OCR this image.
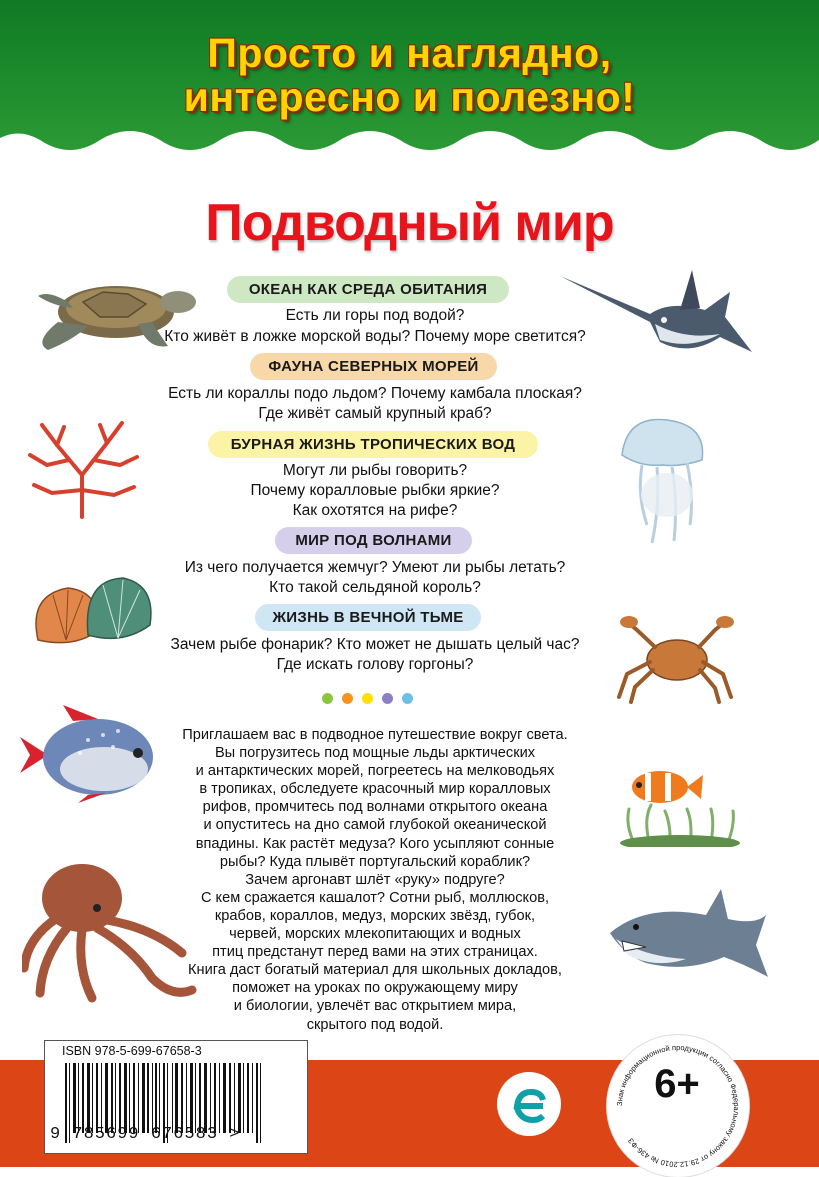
Просто и наглядно,
интересно и полезно!
Подводный мир
ОКЕАН КАК СРЕДА ОБИТАНИЯ
Есть ли горы под водой?
Кто живёт в ложке морской воды? Почему море светится?
ФАУНА СЕВЕРНЫХ МОРЕЙ
Есть ли кораллы подо льдом? Почему камбала плоская?
Где живёт самый крупный краб?
БУРНАЯ ЖИЗНЬ ТРОПИЧЕСКИХ ВОД
Могут ли рыбы говорить?
Почему коралловые рыбки яркие?
Как охотятся на рифе?
МИР ПОД ВОЛНАМИ
Из чего получается жемчуг? Умеют ли рыбы летать?
Кто такой сельдяной король?
ЖИЗНЬ В ВЕЧНОЙ ТЬМЕ
Зачем рыбе фонарик? Кто может не дышать целый час?
Где искать голову горгоны?
Приглашаем вас в подводное путешествие вокруг света.
Вы погрузитесь под мощные льды арктических
и антарктических морей, погреетесь на мелководьях
в тропиках, обследуете красочный мир коралловых
рифов, промчитесь под волнами открытого океана
и опуститесь на дно самой глубокой океанической
впадины. Как растёт медуза? Кого усыпляют сонные
рыбы? Куда плывёт португальский кораблик?
Зачем аргонавт шлёт «руку» подруге?
С кем сражается кашалот? Сотни рыб, моллюсков,
крабов, кораллов, медуз, морских звёзд, губок,
червей, морских млекопитающих и водных
птиц предстанут перед вами на этих страницах.
Книга даст богатый материал для школьных докладов,
поможет на уроках по окружающему миру
и биологии, увлечёт вас открытием мира,
скрытого под водой.
ISBN 978-5-699-67658-3
9 785699 676583 >
Знак информационной продукции согласно Федеральному закону от 29.12.2010 № 436-ФЗ
6+
